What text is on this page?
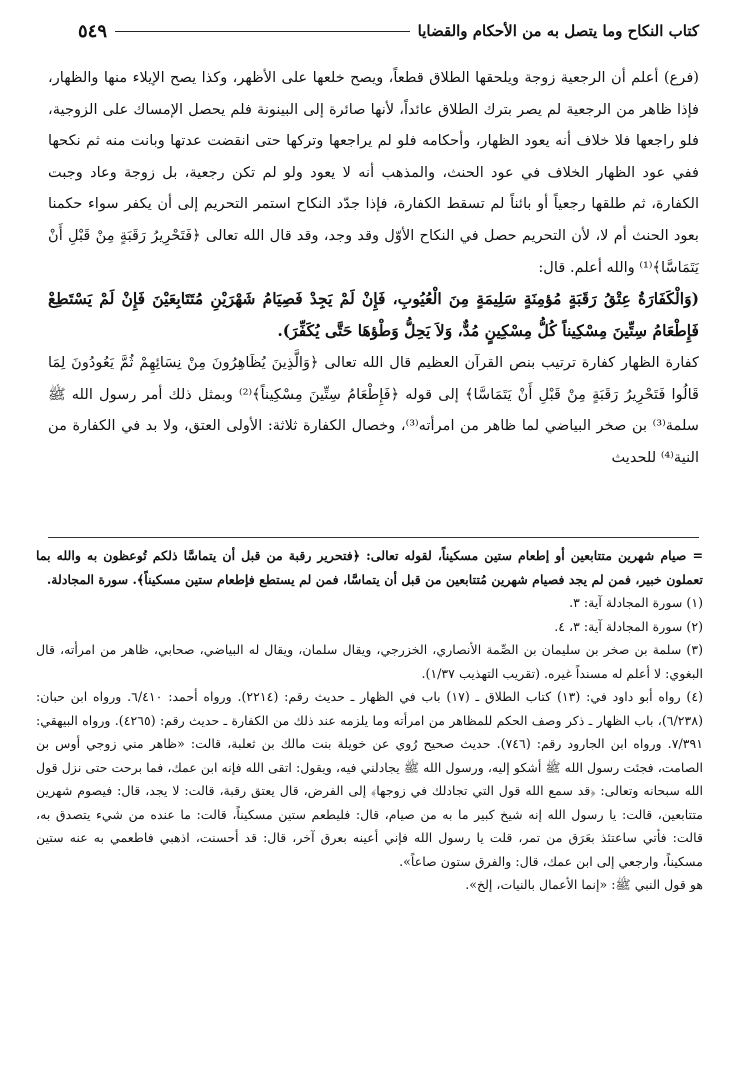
كتاب النكاح وما يتصل به من الأحكام والقضايا
٥٤٩

(فرع) أعلم أن الرجعية زوجة ويلحقها الطلاق قطعاً، ويصح خلعها على الأظهر، وكذا يصح الإيلاء منها والظهار، فإذا ظاهر من الرجعية لم يصر بترك الطلاق عائداً، لأنها صائرة إلى البينونة فلم يحصل الإمساك على الزوجية، فلو راجعها فلا خلاف أنه يعود الظهار، وأحكامه فلو لم يراجعها وتركها حتى انقضت عدتها وبانت منه ثم نكحها ففي عود الظهار الخلاف في عود الحنث، والمذهب أنه لا يعود ولو لم تكن رجعية، بل زوجة وعاد وجبت الكفارة، ثم طلقها رجعياً أو بائناً لم تسقط الكفارة، فإذا جدّد النكاح استمر التحريم إلى أن يكفر سواء حكمنا بعود الحنث أم لا، لأن التحريم حصل في النكاح الأوّل وقد وجد، وقد قال الله تعالى ﴿فَتَحْرِيرُ رَقَبَةٍ مِنْ قَبْلِ أَنْ يَتَمَاسَّا﴾⁽¹⁾ والله أعلم. قال:

(وَالْكَفَارَةُ عِتْقُ رَقَبَةٍ مُؤمِنَةٍ سَلِيمَةٍ مِنَ الْعُيُوبِ، فَإِنْ لَمْ يَجِدْ فَصِيَامُ شَهْرَيْنِ مُتَتَابِعَيْنَ فَإِنْ لَمْ يَسْتَطِعْ فَإِطْعَامُ سِتِّينَ مِسْكِيناً كُلُّ مِسْكِينٍ مُدٌّ، وَلاَ يَحِلُّ وَطْؤهَا حَتَّى يُكَفِّرَ).

كفارة الظهار كفارة ترتيب بنص القرآن العظيم قال الله تعالى ﴿وَالَّذِينَ يُظَاهِرُونَ مِنْ نِسَائِهِمْ ثُمَّ يَعُودُونَ لِمَا قَالُوا فَتَحْرِيرُ رَقَبَةٍ مِنْ قَبْلِ أَنْ يَتَمَاسَّا﴾ إلى قوله ﴿فَإِطْعَامُ سِتِّينَ مِسْكِيناً﴾⁽²⁾ وبمثل ذلك أمر رسول الله ﷺ سلمة⁽³⁾ بن صخر البياضي لما ظاهر من امرأته⁽³⁾، وخصال الكفارة ثلاثة: الأولى العتق، ولا بد في الكفارة من النية⁽⁴⁾ للحديث

= صيام شهرين متتابعين أو إطعام ستين مسكيناً، لقوله تعالى: ﴿فتحرير رقبة من قبل أن يتماسَّا ذلكم تُوعظون به والله بما تعملون خبير، فمن لم يجد فصيام شهرين مُتتابعين من قبل أن يتماسَّا، فمن لم يستطع فإطعام ستين مسكيناً﴾. سورة المجادلة.

(١) سورة المجادلة آية: ٣.

(٢) سورة المجادلة آية: ٣، ٤.

(٣) سلمة بن صخر بن سليمان بن الصِّمة الأنصاري، الخزرجي، ويقال سلمان، ويقال له البياضي، صحابي، ظاهر من امرأته، قال البغوي: لا أعلم له مسنداً غيره. (تقريب التهذيب ١/٣٧).

(٤) رواه أبو داود في: (١٣) كتاب الطلاق ـ (١٧) باب في الظهار ـ حديث رقم: (٢٢١٤). ورواه أحمد: ٦/٤١٠. ورواه ابن حبان: (٦/٢٣٨)، باب الظهار ـ ذكر وصف الحكم للمظاهر من امرأته وما يلزمه عند ذلك من الكفارة ـ حديث رقم: (٤٢٦٥). ورواه البيهقي: ٧/٣٩١. ورواه ابن الجارود رقم: (٧٤٦). حديث صحيح رُوي عن خويلة بنت مالك بن ثعلبة، قالت: «ظاهر مني زوجي أوس بن الصامت، فجئت رسول الله ﷺ أشكو إليه، ورسول الله ﷺ يجادلني فيه، ويقول: اتقى الله فإنه ابن عمك، فما برحت حتى نزل قول الله سبحانه وتعالى: ﴿قد سمع الله قول التي تجادلك في زوجها﴾ إلى الفرض، قال يعتق رقبة، قالت: لا يجد، قال: فيصوم شهرين متتابعين، قالت: يا رسول الله إنه شيخ كبير ما به من صيام، قال: فليطعم ستين مسكيناً، قالت: ما عنده من شيء يتصدق به، قالت: فأتي ساعتئذ بعَرَق من تمر، قلت يا رسول الله فإني أعينه بعرق آخر، قال: قد أحسنت، اذهبي فاطعمي به عنه ستين مسكيناً، وارجعي إلى ابن عمك، قال: والفرق ستون صاعاً».

هو قول النبي ﷺ: «إنما الأعمال بالنيات، إلخ».
